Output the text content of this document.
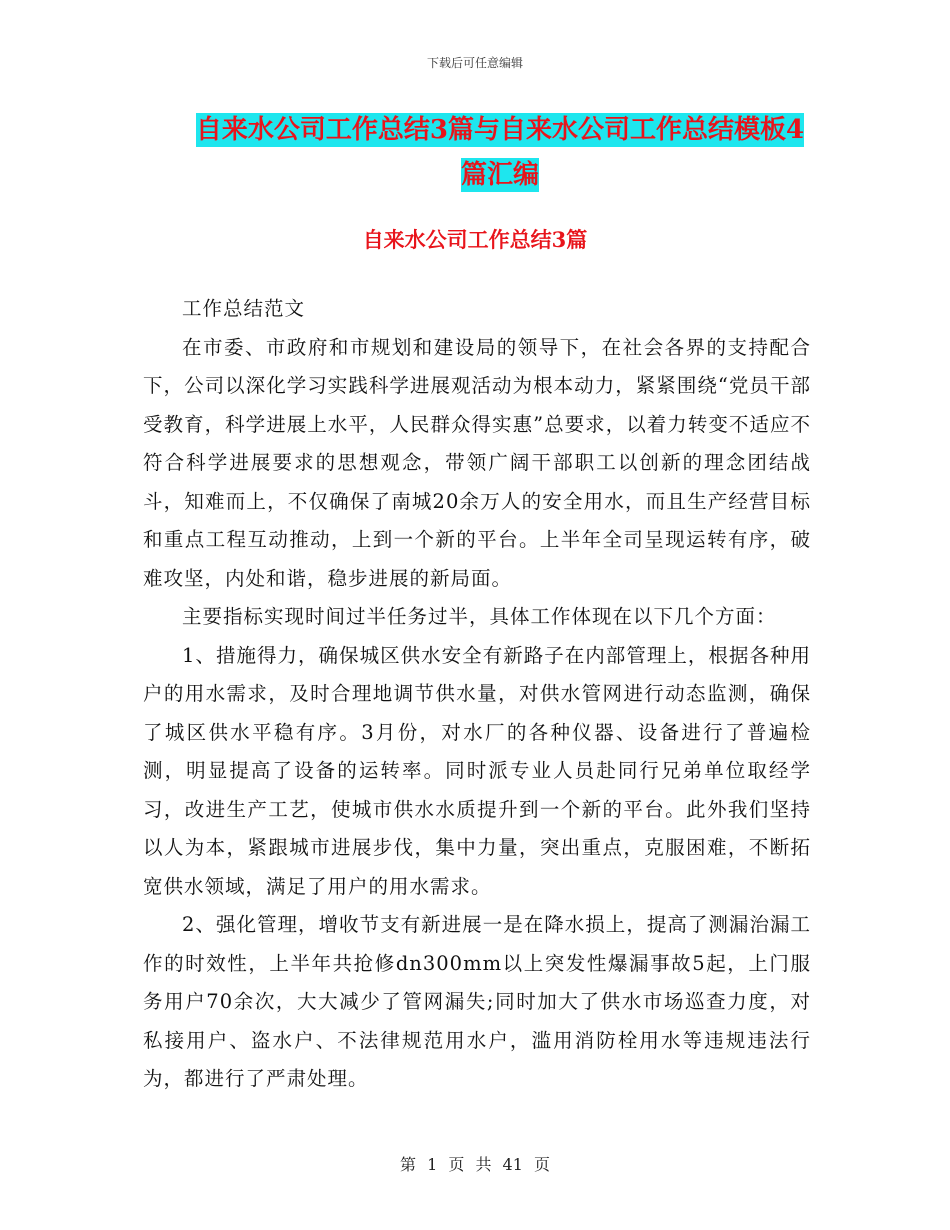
下载后可任意编辑
自来水公司工作总结3篇与自来水公司工作总结模板4
篇汇编
自来水公司工作总结3篇

工作总结范文

在市委、市政府和市规划和建设局的领导下，在社会各界的支持配合下，公司以深化学习实践科学进展观活动为根本动力，紧紧围绕“党员干部受教育，科学进展上水平，人民群众得实惠”总要求，以着力转变不适应不符合科学进展要求的思想观念，带领广阔干部职工以创新的理念团结战斗，知难而上，不仅确保了南城20余万人的安全用水，而且生产经营目标和重点工程互动推动，上到一个新的平台。上半年全司呈现运转有序，破难攻坚，内处和谐，稳步进展的新局面。

主要指标实现时间过半任务过半，具体工作体现在以下几个方面：

1、措施得力，确保城区供水安全有新路子在内部管理上，根据各种用户的用水需求，及时合理地调节供水量，对供水管网进行动态监测，确保了城区供水平稳有序。3月份，对水厂的各种仪器、设备进行了普遍检测，明显提高了设备的运转率。同时派专业人员赴同行兄弟单位取经学习，改进生产工艺，使城市供水水质提升到一个新的平台。此外我们坚持以人为本，紧跟城市进展步伐，集中力量，突出重点，克服困难，不断拓宽供水领域，满足了用户的用水需求。

2、强化管理，增收节支有新进展一是在降水损上，提高了测漏治漏工作的时效性，上半年共抢修dn300mm以上突发性爆漏事故5起，上门服务用户70余次，大大减少了管网漏失;同时加大了供水市场巡查力度，对私接用户、盗水户、不法律规范用水户，滥用消防栓用水等违规违法行为，都进行了严肃处理。

第 1 页 共 41 页
